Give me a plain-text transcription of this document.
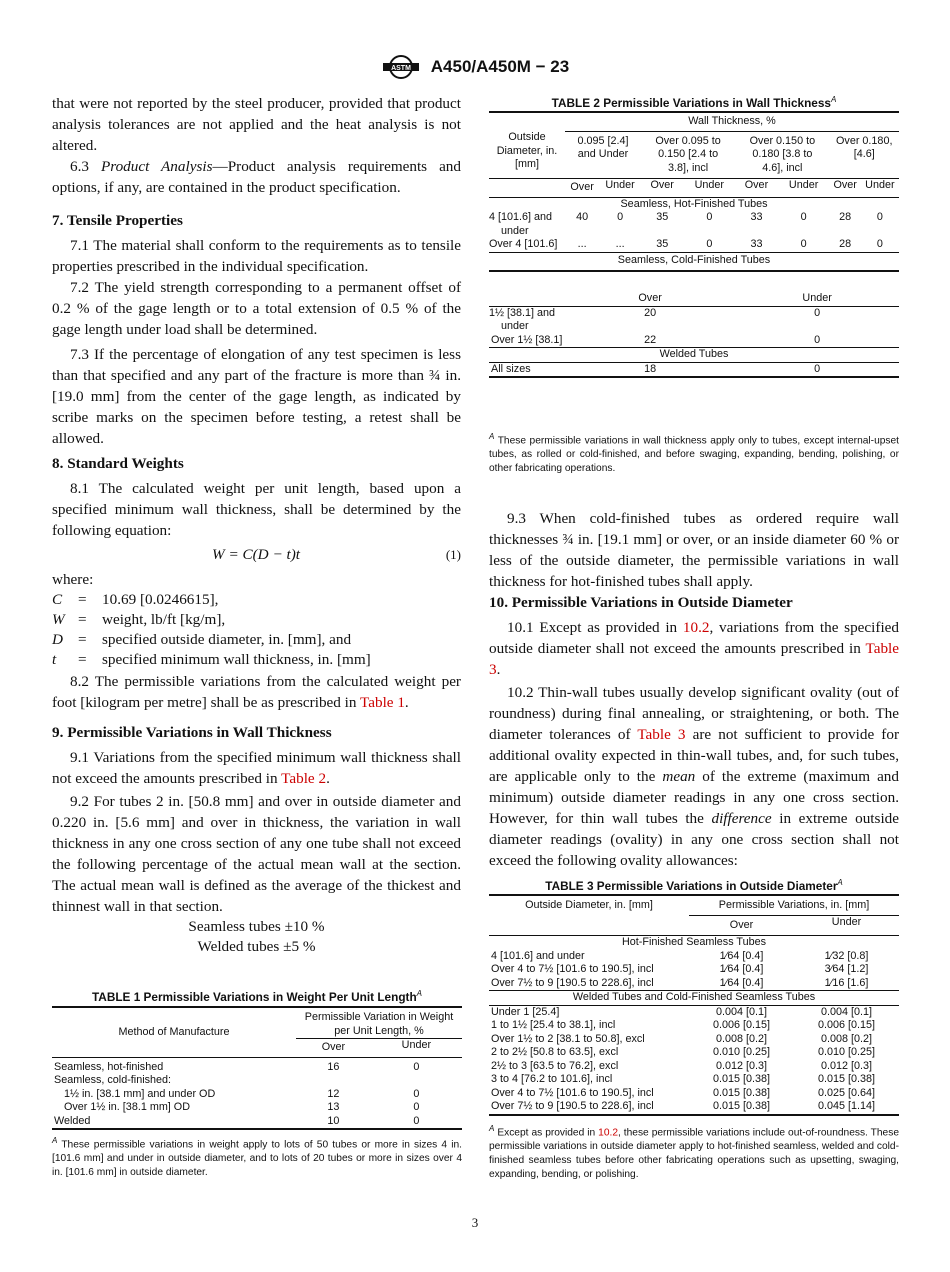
ASTM A450/A450M − 23
that were not reported by the steel producer, provided that product analysis tolerances are not applied and the heat analysis is not altered.
6.3 Product Analysis—Product analysis requirements and options, if any, are contained in the product specification.
7. Tensile Properties
7.1 The material shall conform to the requirements as to tensile properties prescribed in the individual specification.
7.2 The yield strength corresponding to a permanent offset of 0.2 % of the gage length or to a total extension of 0.5 % of the gage length under load shall be determined.
7.3 If the percentage of elongation of any test specimen is less than that specified and any part of the fracture is more than ¾ in. [19.0 mm] from the center of the gage length, as indicated by scribe marks on the specimen before testing, a retest shall be allowed.
8. Standard Weights
8.1 The calculated weight per unit length, based upon a specified minimum wall thickness, shall be determined by the following equation:
W = C(D − t)t	(1)
where:
C = 10.69 [0.0246615],
W = weight, lb/ft [kg/m],
D = specified outside diameter, in. [mm], and
t = specified minimum wall thickness, in. [mm]
8.2 The permissible variations from the calculated weight per foot [kilogram per metre] shall be as prescribed in Table 1.
9. Permissible Variations in Wall Thickness
9.1 Variations from the specified minimum wall thickness shall not exceed the amounts prescribed in Table 2.
9.2 For tubes 2 in. [50.8 mm] and over in outside diameter and 0.220 in. [5.6 mm] and over in thickness, the variation in wall thickness in any one cross section of any one tube shall not exceed the following percentage of the actual mean wall at the section. The actual mean wall is defined as the average of the thickest and thinnest wall in that section.
Seamless tubes ±10 %
Welded tubes ±5 %
TABLE 1 Permissible Variations in Weight Per Unit Length$^A$
Method of Manufacture	Permissible Variation in Weight per Unit Length, %	
	Over	Under
Seamless, hot-finished	16	0
Seamless, cold-finished:		
1½ in. [38.1 mm] and under OD	12	0
Over 1½ in. [38.1 mm] OD	13	0
Welded	10	0
$^A$ These permissible variations in weight apply to lots of 50 tubes or more in sizes 4 in. [101.6 mm] and under in outside diameter, and to lots of 20 tubes or more in sizes over 4 in. [101.6 mm] in outside diameter.
TABLE 2 Permissible Variations in Wall Thickness$^A$
Outside Diameter, in. [mm]	Wall Thickness, %							
	0.095 [2.4] and Under		Over 0.095 to 0.150 [2.4 to 3.8], incl		Over 0.150 to 0.180 [3.8 to 4.6], incl		Over 0.180, [4.6]	
	Over	Under	Over	Under	Over	Under	Over	Under
Seamless, Hot-Finished Tubes								
4 [101.6] and under	40	0	35	0	33	0	28	0
Over 4 [101.6]	...	...	35	0	33	0	28	0
Seamless, Cold-Finished Tubes								
	Over				Under			
1½ [38.1] and under	20				0			
Over 1½ [38.1]	22				0			
Welded Tubes								
All sizes	18				0			
$^A$ These permissible variations in wall thickness apply only to tubes, except internal-upset tubes, as rolled or cold-finished, and before swaging, expanding, bending, polishing, or other fabricating operations.
9.3 When cold-finished tubes as ordered require wall thicknesses ¾ in. [19.1 mm] or over, or an inside diameter 60 % or less of the outside diameter, the permissible variations in wall thickness for hot-finished tubes shall apply.
10. Permissible Variations in Outside Diameter
10.1 Except as provided in 10.2, variations from the specified outside diameter shall not exceed the amounts prescribed in Table 3.
10.2 Thin-wall tubes usually develop significant ovality (out of roundness) during final annealing, or straightening, or both. The diameter tolerances of Table 3 are not sufficient to provide for additional ovality expected in thin-wall tubes, and, for such tubes, are applicable only to the mean of the extreme (maximum and minimum) outside diameter readings in any one cross section. However, for thin wall tubes the difference in extreme outside diameter readings (ovality) in any one cross section shall not exceed the following ovality allowances:
TABLE 3 Permissible Variations in Outside Diameter$^A$
Outside Diameter, in. [mm]	Permissible Variations, in. [mm]	
	Over	Under
Hot-Finished Seamless Tubes		
4 [101.6] and under	1⁄64 [0.4]	1⁄32 [0.8]
Over 4 to 7½ [101.6 to 190.5], incl	1⁄64 [0.4]	3⁄64 [1.2]
Over 7½ to 9 [190.5 to 228.6], incl	1⁄64 [0.4]	1⁄16 [1.6]
Welded Tubes and Cold-Finished Seamless Tubes		
Under 1 [25.4]	0.004 [0.1]	0.004 [0.1]
1 to 1½ [25.4 to 38.1], incl	0.006 [0.15]	0.006 [0.15]
Over 1½ to 2 [38.1 to 50.8], excl	0.008 [0.2]	0.008 [0.2]
2 to 2½ [50.8 to 63.5], excl	0.010 [0.25]	0.010 [0.25]
2½ to 3 [63.5 to 76.2], excl	0.012 [0.3]	0.012 [0.3]
3 to 4 [76.2 to 101.6], incl	0.015 [0.38]	0.015 [0.38]
Over 4 to 7½ [101.6 to 190.5], incl	0.015 [0.38]	0.025 [0.64]
Over 7½ to 9 [190.5 to 228.6], incl	0.015 [0.38]	0.045 [1.14]
$^A$ Except as provided in 10.2, these permissible variations include out-of-roundness. These permissible variations in outside diameter apply to hot-finished seamless, welded and cold-finished seamless tubes before other fabricating operations such as upsetting, swaging, expanding, bending, or polishing.
3
